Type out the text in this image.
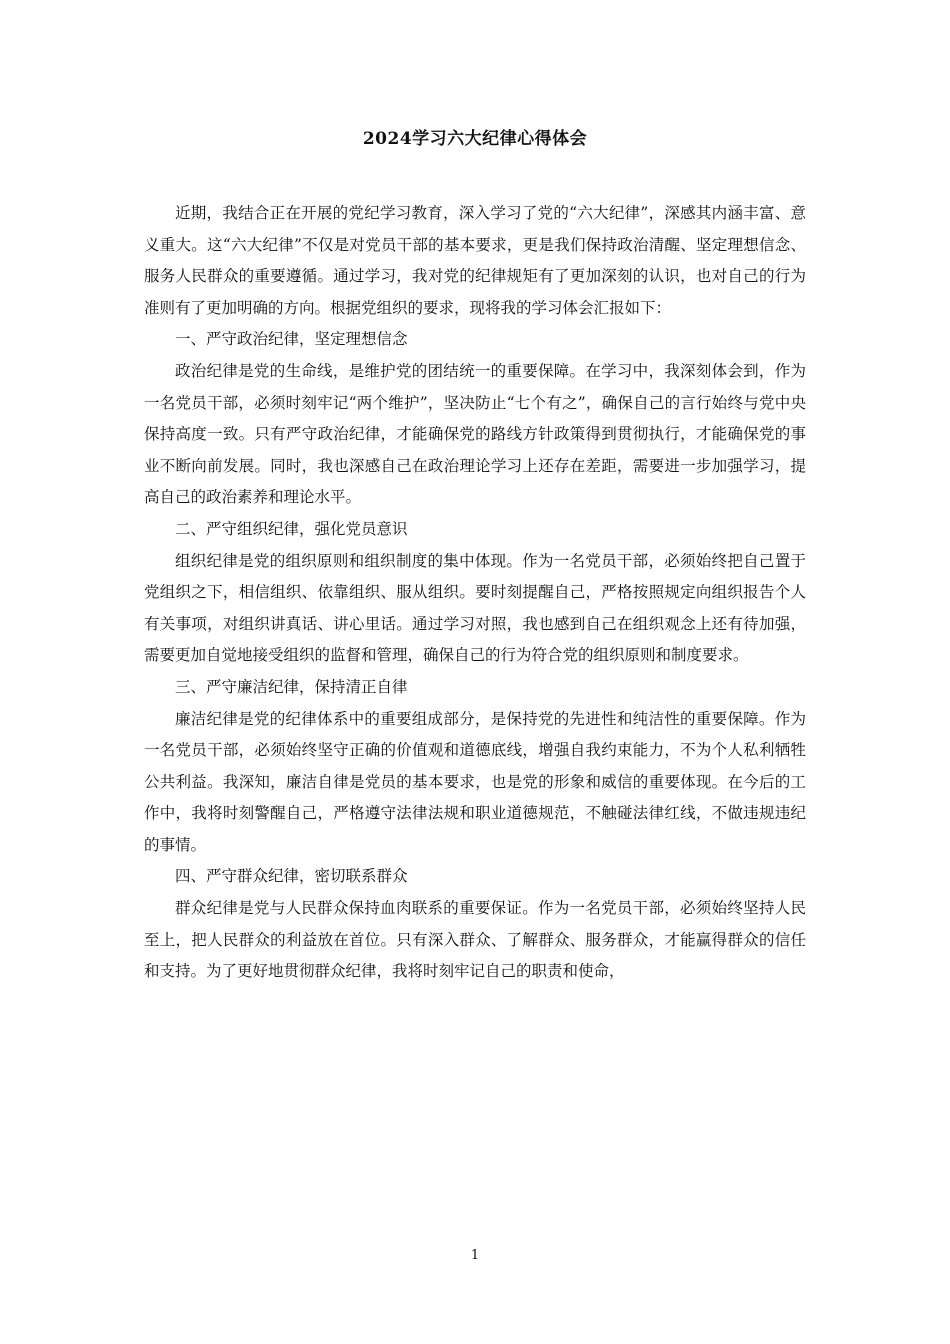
2024学习六大纪律心得体会

近期，我结合正在开展的党纪学习教育，深入学习了党的“六大纪律”，深感其内涵丰富、意义重大。这“六大纪律”不仅是对党员干部的基本要求，更是我们保持政治清醒、坚定理想信念、服务人民群众的重要遵循。通过学习，我对党的纪律规矩有了更加深刻的认识，也对自己的行为准则有了更加明确的方向。根据党组织的要求，现将我的学习体会汇报如下：

一、严守政治纪律，坚定理想信念

政治纪律是党的生命线，是维护党的团结统一的重要保障。在学习中，我深刻体会到，作为一名党员干部，必须时刻牢记“两个维护”，坚决防止“七个有之”，确保自己的言行始终与党中央保持高度一致。只有严守政治纪律，才能确保党的路线方针政策得到贯彻执行，才能确保党的事业不断向前发展。同时，我也深感自己在政治理论学习上还存在差距，需要进一步加强学习，提高自己的政治素养和理论水平。

二、严守组织纪律，强化党员意识

组织纪律是党的组织原则和组织制度的集中体现。作为一名党员干部，必须始终把自己置于党组织之下，相信组织、依靠组织、服从组织。要时刻提醒自己，严格按照规定向组织报告个人有关事项，对组织讲真话、讲心里话。通过学习对照，我也感到自己在组织观念上还有待加强，需要更加自觉地接受组织的监督和管理，确保自己的行为符合党的组织原则和制度要求。

三、严守廉洁纪律，保持清正自律

廉洁纪律是党的纪律体系中的重要组成部分，是保持党的先进性和纯洁性的重要保障。作为一名党员干部，必须始终坚守正确的价值观和道德底线，增强自我约束能力，不为个人私利牺牲公共利益。我深知，廉洁自律是党员的基本要求，也是党的形象和威信的重要体现。在今后的工作中，我将时刻警醒自己，严格遵守法律法规和职业道德规范，不触碰法律红线，不做违规违纪的事情。

四、严守群众纪律，密切联系群众

群众纪律是党与人民群众保持血肉联系的重要保证。作为一名党员干部，必须始终坚持人民至上，把人民群众的利益放在首位。只有深入群众、了解群众、服务群众，才能赢得群众的信任和支持。为了更好地贯彻群众纪律，我将时刻牢记自己的职责和使命，

1
